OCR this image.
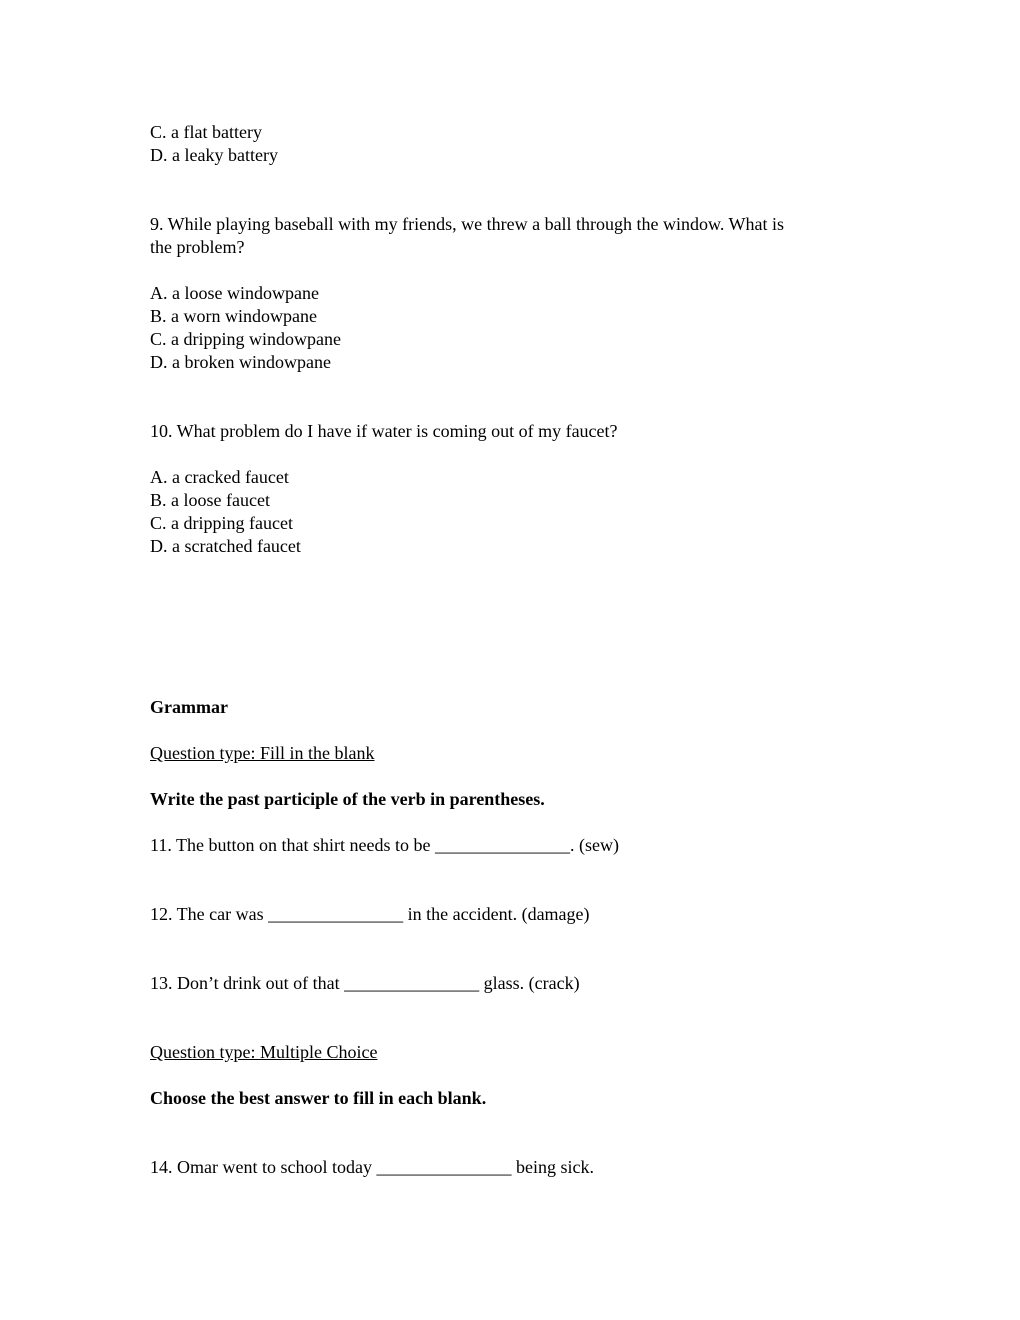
C. a flat battery
D. a leaky battery
9. While playing baseball with my friends, we threw a ball through the window. What is
the problem?
A. a loose windowpane
B. a worn windowpane
C. a dripping windowpane
D. a broken windowpane
10. What problem do I have if water is coming out of my faucet?
A. a cracked faucet
B. a loose faucet
C. a dripping faucet
D. a scratched faucet
Grammar
Question type: Fill in the blank
Write the past participle of the verb in parentheses.
11. The button on that shirt needs to be _______________. (sew)
12. The car was _______________ in the accident. (damage)
13. Don’t drink out of that _______________ glass. (crack)
Question type: Multiple Choice
Choose the best answer to fill in each blank.
14. Omar went to school today _______________ being sick.
